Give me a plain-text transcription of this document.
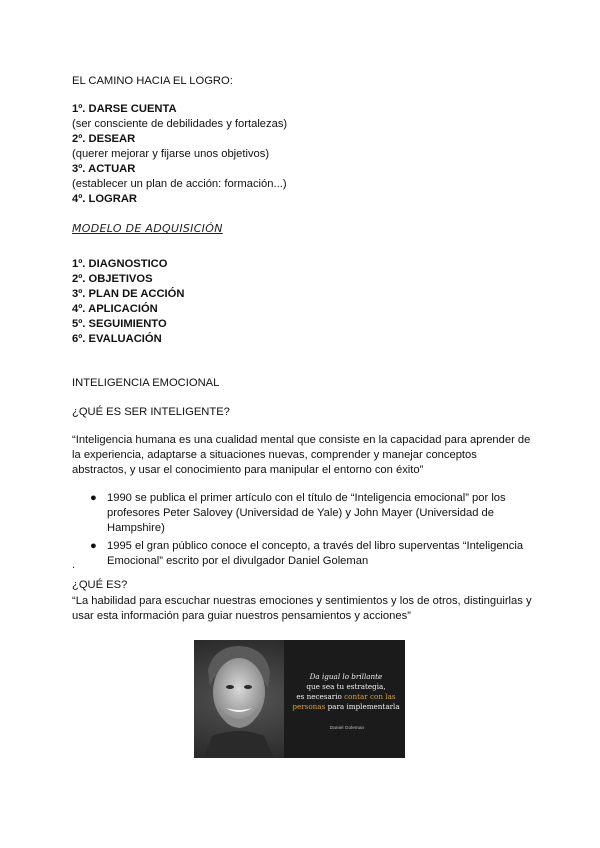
EL CAMINO HACIA EL LOGRO:
1º. DARSE CUENTA
(ser consciente de debilidades y fortalezas)
2º. DESEAR
(querer mejorar y fijarse unos objetivos)
3º. ACTUAR
(establecer un plan de acción: formación...)
4º. LOGRAR
MODELO DE ADQUISICIÓN
1º. DIAGNOSTICO
2º. OBJETIVOS
3º. PLAN DE ACCIÓN
4º. APLICACIÓN
5º. SEGUIMIENTO
6º. EVALUACIÓN
INTELIGENCIA EMOCIONAL
¿QUÉ ES SER INTELIGENTE?
“Inteligencia humana es una cualidad mental que consiste en la capacidad para aprender de la experiencia, adaptarse a situaciones nuevas, comprender y manejar conceptos abstractos, y usar el conocimiento para manipular el entorno con éxito”
● 1990 se publica el primer artículo con el título de “Inteligencia emocional” por los profesores Peter Salovey (Universidad de Yale) y John Mayer (Universidad de Hampshire)
● 1995 el gran público conoce el concepto, a través del libro superventas “Inteligencia Emocional” escrito por el divulgador Daniel Goleman
.
¿QUÉ ES?
“La habilidad para escuchar nuestras emociones y sentimientos y los de otros, distinguirlas y usar esta información para guiar nuestros pensamientos y acciones”
Da igual lo brillante
que sea tu estrategia,
es necesario contar con las
personas para implementarla
Daniel Goleman
